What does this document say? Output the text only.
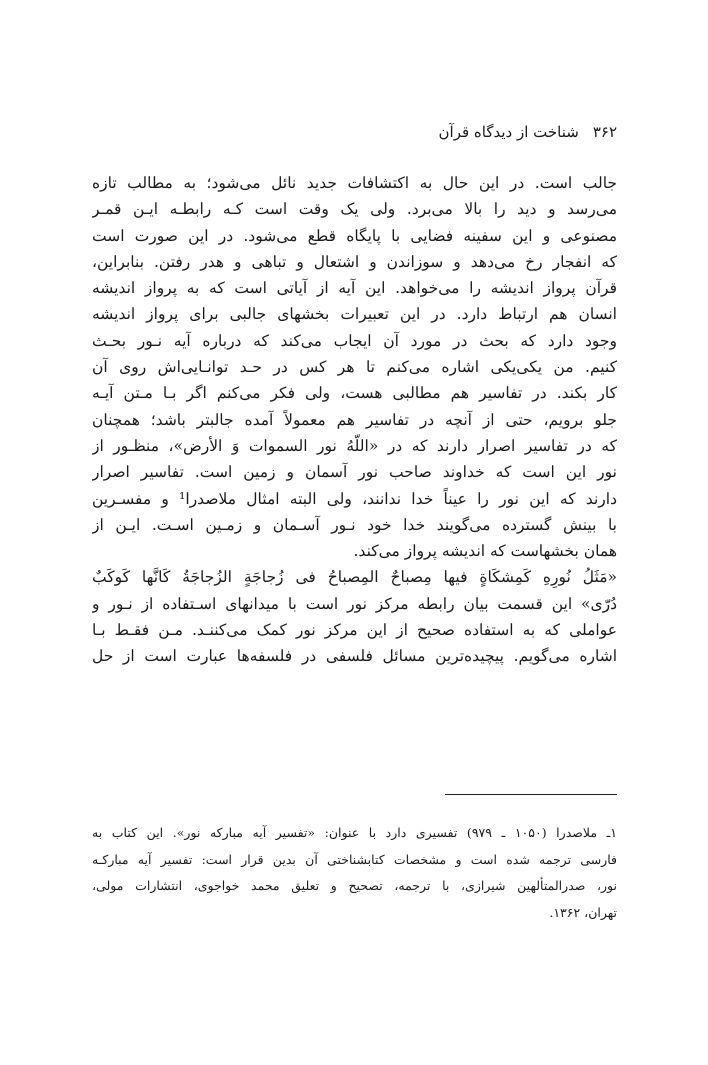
۳۶۲
شناخت از دیدگاه قرآن
جالب است. در این حال به اکتشافات جدید نائل می‌شود؛ به مطالب تازه
می‌رسد و دید را بالا می‌برد. ولی یک وقت است کـه رابطـه ایـن قمـر
مصنوعی و این سفینه فضایی با پایگاه قطع می‌شود. در این صورت است
که انفجار رخ می‌دهد و سوزاندن و اشتعال و تباهی و هدر رفتن. بنابراین،
قرآن پرواز اندیشه را می‌خواهد. این آیه از آیاتی است که به پرواز اندیشه
انسان هم ارتباط دارد. در این تعبیرات بخشهای جالبی برای پرواز اندیشه
وجود دارد که بحث در مورد آن ایجاب می‌کند که درباره آیه نـور بحـث
کنیم. من یکی‌یکی اشاره می‌کنم تا هر کس در حـد توانـایی‌اش روی آن
کار بکند. در تفاسیر هم مطالبی هست، ولی فکر می‌کنم اگر بـا مـتن آیـه
جلو برویم، حتی از آنچه در تفاسیر هم معمولاً آمده جالبتر باشد؛ همچنان
که در تفاسیر اصرار دارند که در «اللّهُ نور السموات وَ الأرض»، منظـور از
نور این است که خداوند صاحب نور آسمان و زمین است. تفاسیر اصرار
دارند که این نور را عیناً خدا ندانند، ولی البته امثال ملاصدرا¹ و مفسـرین
با بینش گسترده می‌گویند خدا خود نـور آسـمان و زمـین اسـت. ایـن از
همان بخشهاست که اندیشه پرواز می‌کند.
«مَثَلُ نُورِهِ کَمِشکَاةٍ فیها مِصباحٌ المِصباحُ فی زُجاجَةٍ الزُجاجَةُ کَانَّها کَوکَبٌ
دُرّی» این قسمت بیان رابطه مرکز نور است با میدانهای اسـتفاده از نـور و
عواملی که به استفاده صحیح از این مرکز نور کمک می‌کننـد. مـن فقـط بـا
اشاره می‌گویم. پیچیده‌ترین مسائل فلسفی در فلسفه‌ها عبارت است از حل
۱ـ ملاصدرا (۱۰۵۰ ـ ۹۷۹) تفسیری دارد با عنوان: «تفسیر آیه مبارکه نور». این کتاب به
فارسی ترجمه شده است و مشخصات کتابشناختی آن بدین قرار است: تفسیر آیه مبارکـه
نور، صدرالمتألهین شیرازی، با ترجمه، تصحیح و تعلیق محمد خواجوی، انتشارات مولی،
تهران، ۱۳۶۲.
